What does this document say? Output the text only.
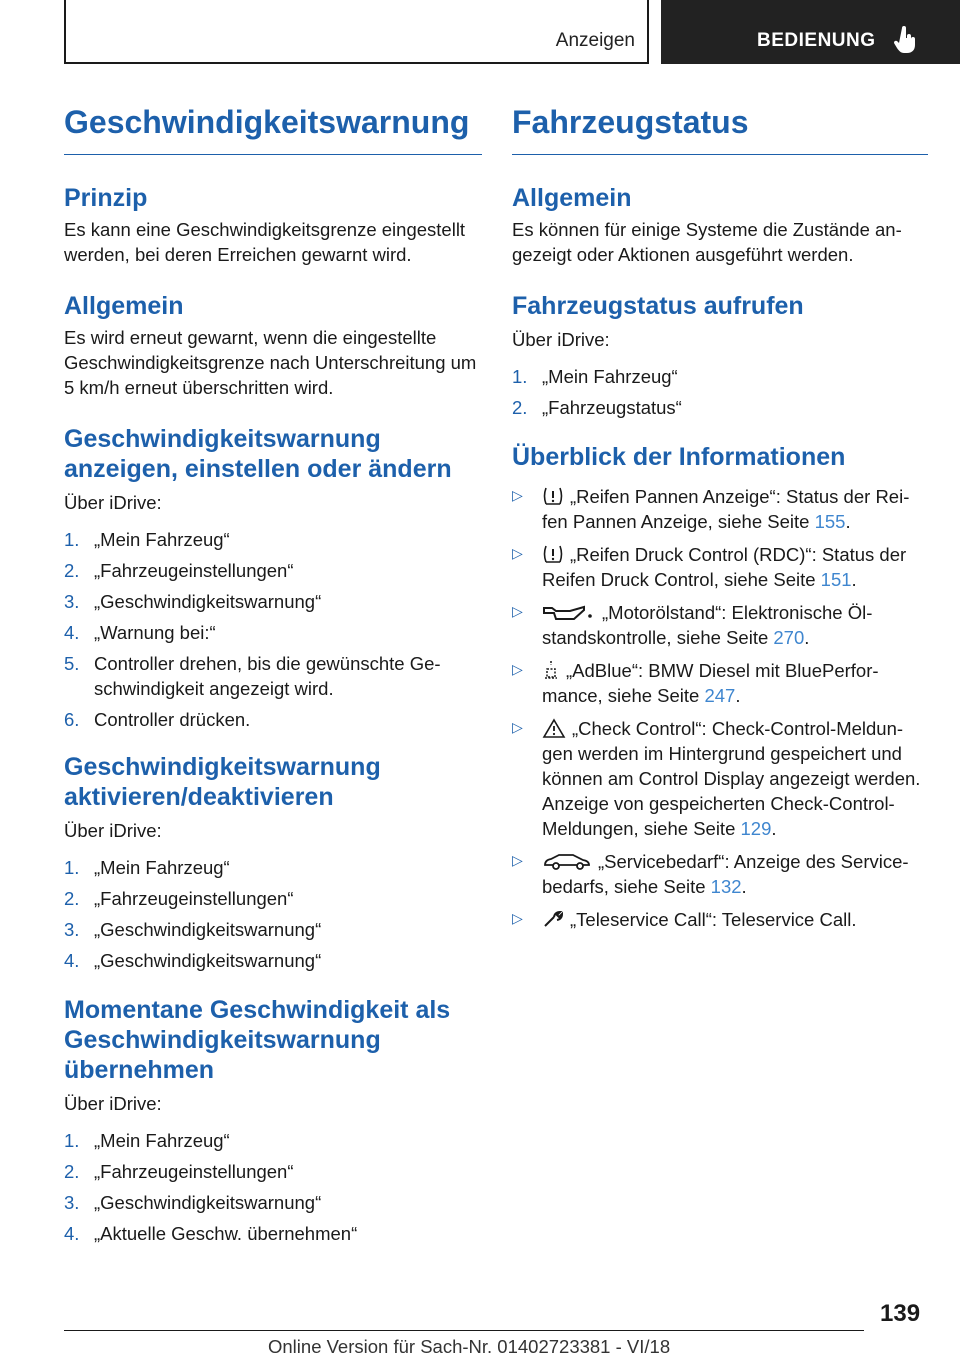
Anzeigen	BEDIENUNG
Geschwindigkeitswarnung
Prinzip

Es kann eine Geschwindigkeitsgrenze eingestellt werden, bei deren Erreichen gewarnt wird.

Allgemein

Es wird erneut gewarnt, wenn die eingestellte Geschwindigkeitsgrenze nach Unterschreitung um 5 km/h erneut überschritten wird.

Geschwindigkeitswarnung anzeigen, einstellen oder ändern

Über iDrive:

1. „Mein Fahrzeug“
2. „Fahrzeugeinstellungen“
3. „Geschwindigkeitswarnung“
4. „Warnung bei:“
5. Controller drehen, bis die gewünschte Geschwindigkeit angezeigt wird.
6. Controller drücken.
Geschwindigkeitswarnung aktivieren/deaktivieren

Über iDrive:

1. „Mein Fahrzeug“
2. „Fahrzeugeinstellungen“
3. „Geschwindigkeitswarnung“
4. „Geschwindigkeitswarnung“
Momentane Geschwindigkeit als Geschwindigkeitswarnung übernehmen

Über iDrive:

1. „Mein Fahrzeug“
2. „Fahrzeugeinstellungen“
3. „Geschwindigkeitswarnung“
4. „Aktuelle Geschw. übernehmen“
Fahrzeugstatus
Allgemein

Es können für einige Systeme die Zustände angezeigt oder Aktionen ausgeführt werden.

Fahrzeugstatus aufrufen

Über iDrive:

1. „Mein Fahrzeug“
2. „Fahrzeugstatus“
Überblick der Informationen
▷	„Reifen Pannen Anzeige“: Status der Reifen Pannen Anzeige, siehe Seite 155.
▷	„Reifen Druck Control (RDC)“: Status der Reifen Druck Control, siehe Seite 151.
▷	„Motorölstand“: Elektronische Ölstandskontrolle, siehe Seite 270.
▷ „AdBlue“: BMW Diesel mit BluePerformance, siehe Seite 247.
▷	„Check Control“: Check-Control-Meldungen werden im Hintergrund gespeichert und können am Control Display angezeigt werden. Anzeige von gespeicherten Check-Control-Meldungen, siehe Seite 129.
▷	„Servicebedarf“: Anzeige des Servicebedarfs, siehe Seite 132.
▷	„Teleservice Call“: Teleservice Call.
139
Online Version für Sach-Nr. 01402723381 - VI/18
